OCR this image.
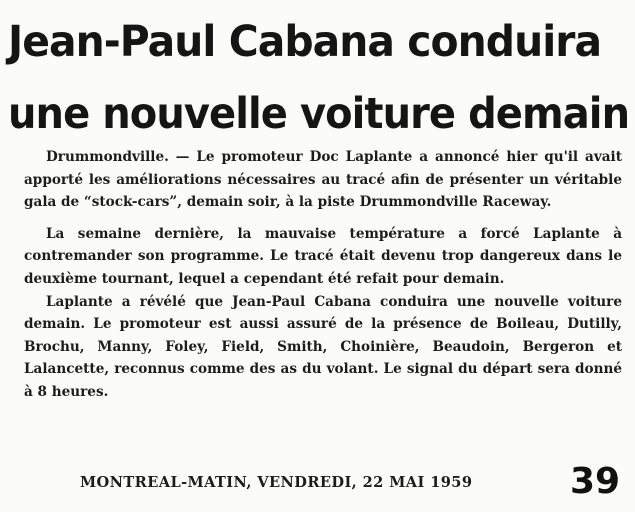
Jean-Paul Cabana conduira
une nouvelle voiture demain

Drummondville. — Le promoteur Doc Laplante a annoncé hier qu'il avait apporté les améliorations nécessaires au tracé afin de présenter un véritable gala de “stock-cars”, demain soir, à la piste Drummondville Raceway.

La semaine dernière, la mauvaise température a forcé Laplante à contremander son programme. Le tracé était devenu trop dangereux dans le deuxième tournant, lequel a cependant été refait pour demain.

Laplante a révélé que Jean-Paul Cabana conduira une nouvelle voiture demain. Le promoteur est aussi assuré de la présence de Boileau, Dutilly, Brochu, Manny, Foley, Field, Smith, Choinière, Beaudoin, Bergeron et Lalancette, reconnus comme des as du volant. Le signal du départ sera donné à 8 heures.

MONTREAL-MATIN, VENDREDI, 22 MAI 1959	39
